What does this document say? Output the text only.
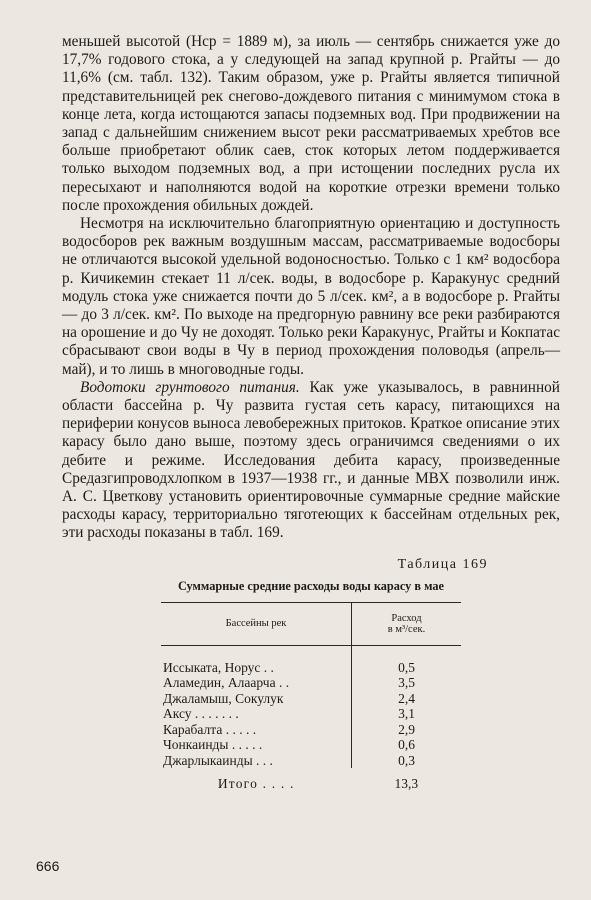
меньшей высотой (Hср = 1889 м), за июль — сентябрь снижается уже до 17,7% годового стока, а у следующей на запад крупной р. Ргайты — до 11,6% (см. табл. 132). Таким образом, уже р. Ргайты является типичной представительницей рек снегово-дождевого питания с минимумом стока в конце лета, когда истощаются запасы подземных вод. При продвижении на запад с дальнейшим снижением высот реки рассматриваемых хребтов все больше приобретают облик саев, сток которых летом поддерживается только выходом подземных вод, а при истощении последних русла их пересыхают и наполняются водой на короткие отрезки времени только после прохождения обильных дождей.

Несмотря на исключительно благоприятную ориентацию и доступность водосборов рек важным воздушным массам, рассматриваемые водосборы не отличаются высокой удельной водоносностью. Только с 1 км² водосбора р. Кичикемин стекает 11 л/сек. воды, в водосборе р. Каракунус средний модуль стока уже снижается почти до 5 л/сек. км², а в водосборе р. Ргайты — до 3 л/сек. км². По выходе на предгорную равнину все реки разбираются на орошение и до Чу не доходят. Только реки Каракунус, Ргайты и Кокпатас сбрасывают свои воды в Чу в период прохождения половодья (апрель—май), и то лишь в многоводные годы.

Водотоки грунтового питания. Как уже указывалось, в равнинной области бассейна р. Чу развита густая сеть карасу, питающихся на периферии конусов выноса левобережных притоков. Краткое описание этих карасу было дано выше, поэтому здесь ограничимся сведениями о их дебите и режиме. Исследования дебита карасу, произведенные Средазгипроводхлопком в 1937—1938 гг., и данные МВХ позволили инж. А. С. Цветкову установить ориентировочные суммарные средние майские расходы карасу, территориально тяготеющих к бассейнам отдельных рек, эти расходы показаны в табл. 169.

Таблица 169
Суммарные средние расходы воды карасу в мае
Бассейны рек	Расход
в м³/сек.
Иссыката, Норус . .	0,5
Аламедин, Алаарча . .	3,5
Джаламыш, Сокулук	2,4
Аксу . . . . . . .	3,1
Карабалта . . . . .	2,9
Чонкаинды . . . . .	0,6
Джарлыкаинды . . .	0,3
Итого . . . .	13,3
666
